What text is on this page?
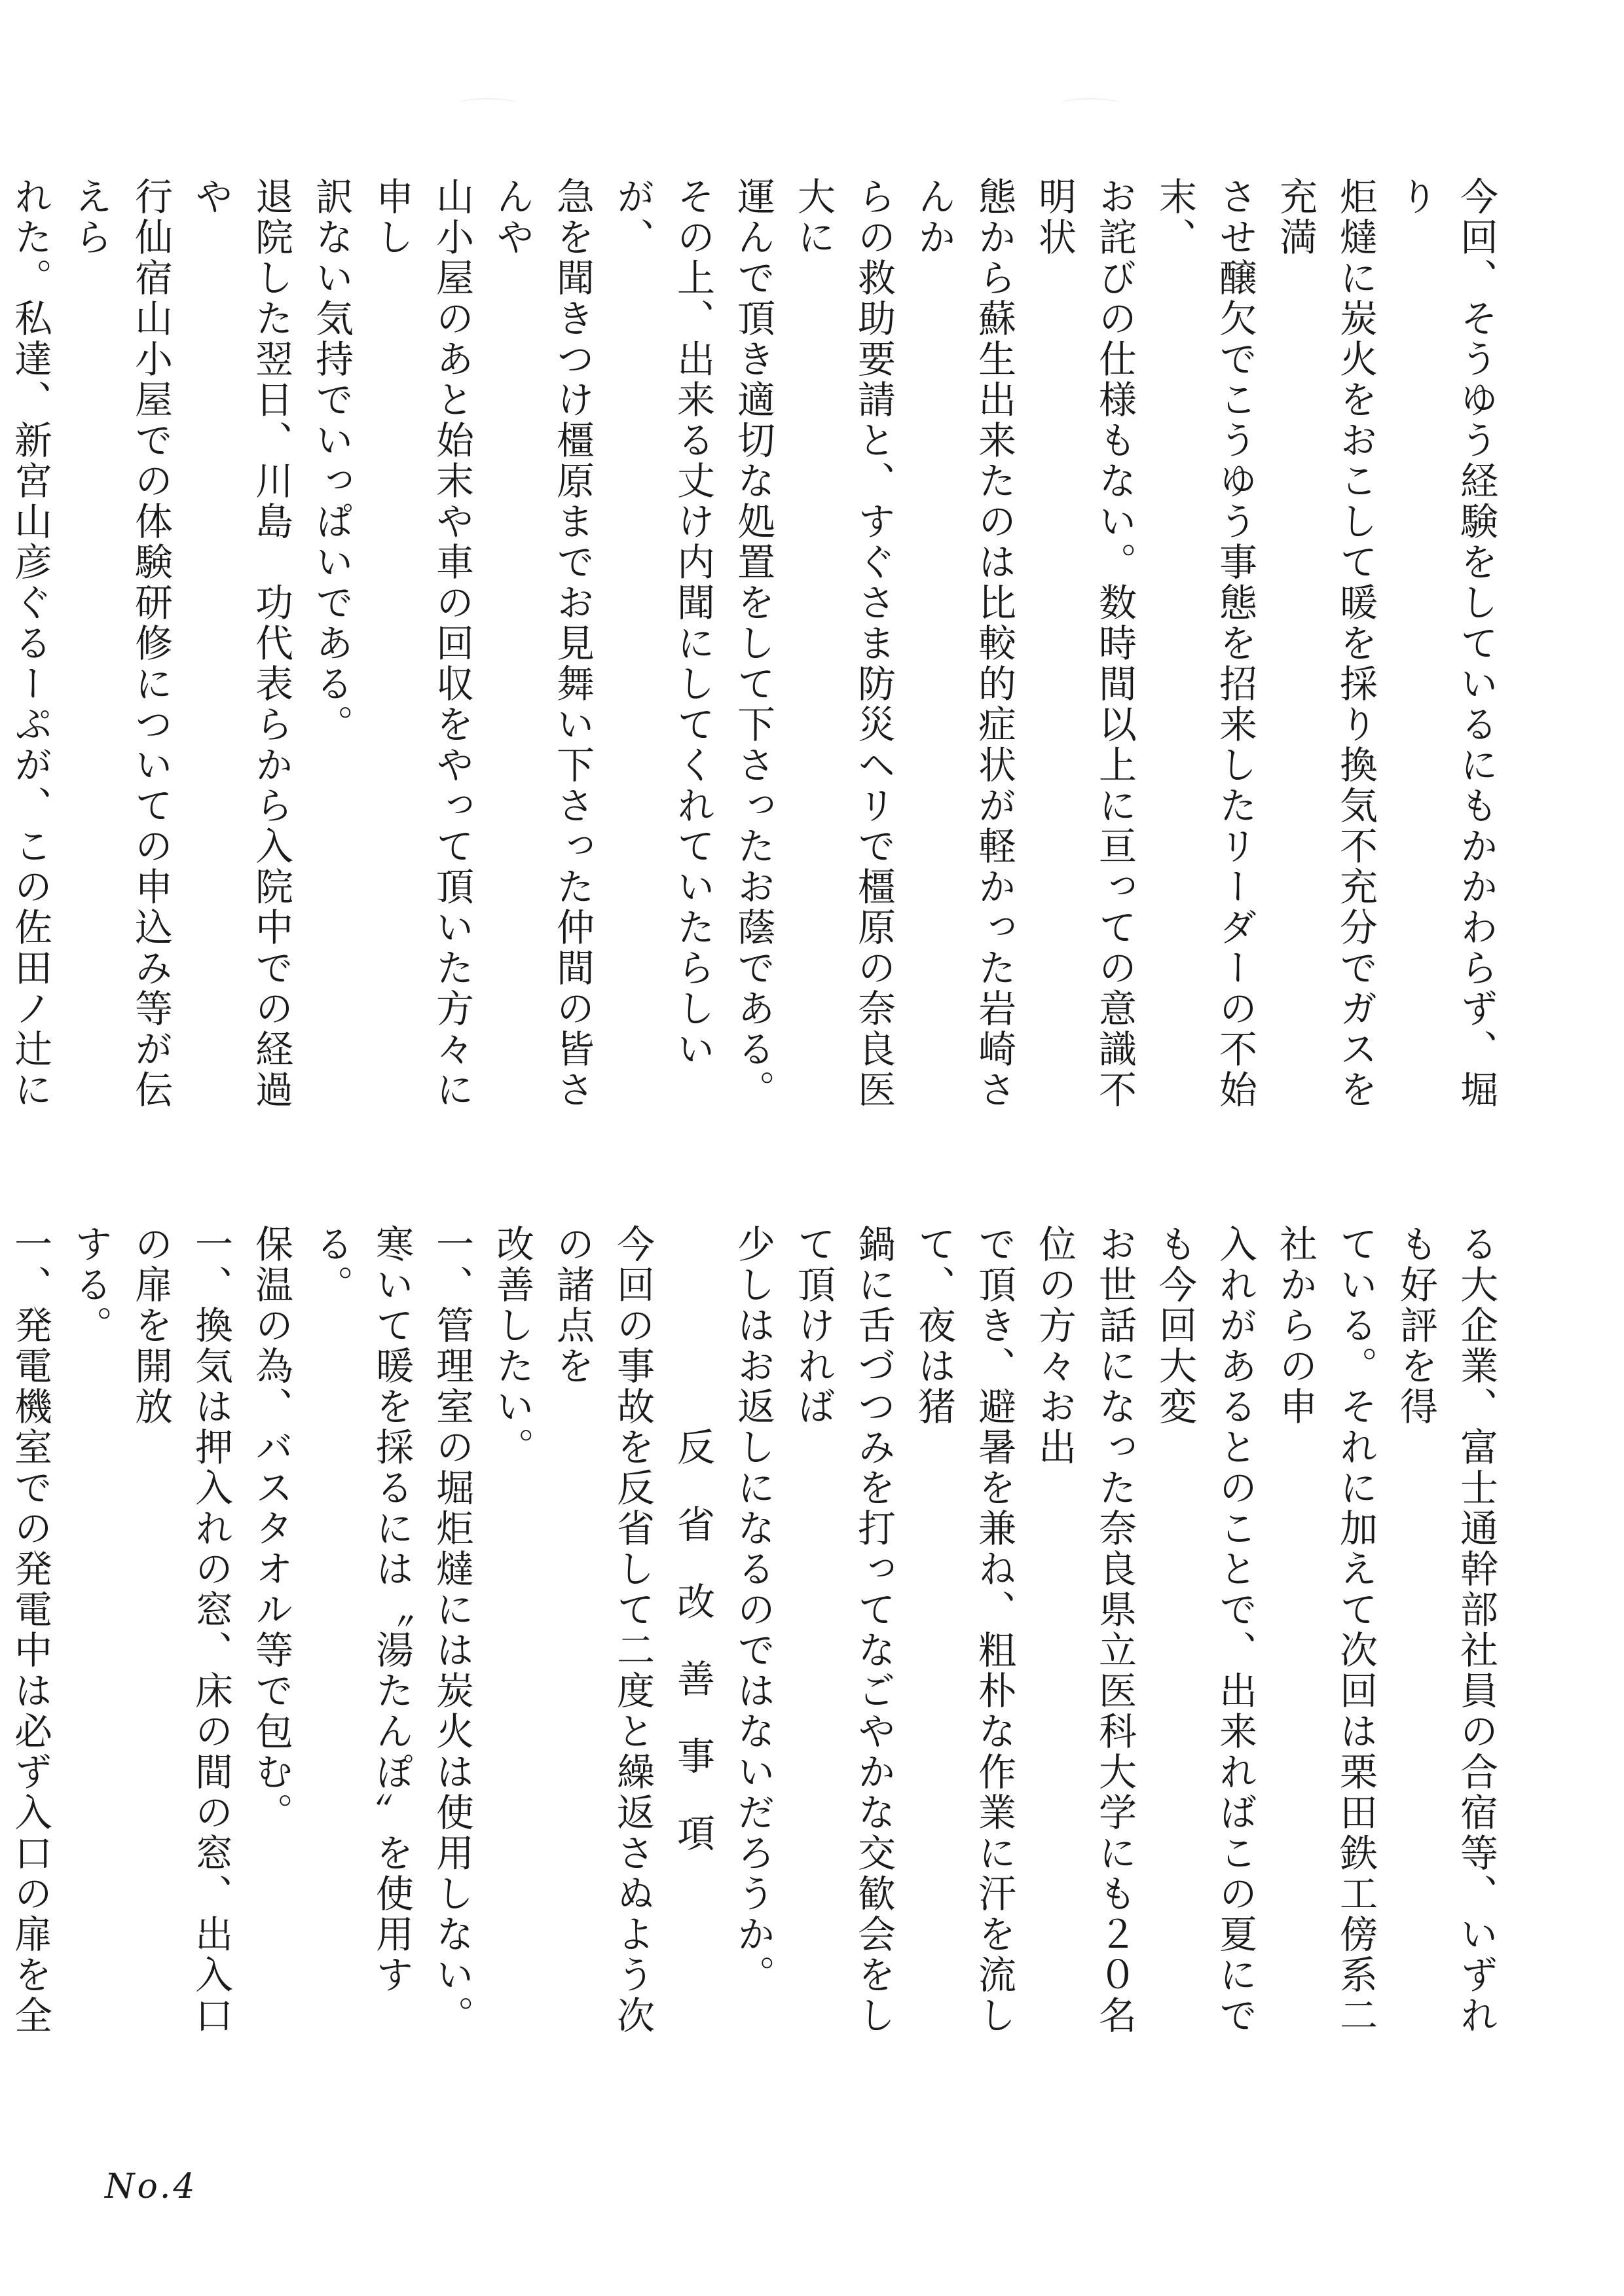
今回、そうゆう経験をしているにもかかわらず、堀り
炬燵に炭火をおこして暖を採り換気不充分でガスを充満
させ醸欠でこうゆう事態を招来したリーダーの不始末、
お詫びの仕様もない。数時間以上に亘っての意識不明状
態から蘇生出来たのは比較的症状が軽かった岩崎さんか
らの救助要請と、すぐさま防災ヘリで橿原の奈良医大に
運んで頂き適切な処置をして下さったお蔭である。
その上、出来る丈け内聞にしてくれていたらしいが、
急を聞きつけ橿原までお見舞い下さった仲間の皆さんや
山小屋のあと始末や車の回収をやって頂いた方々に申し
訳ない気持でいっぱいである。
退院した翌日、川島　功代表らから入院中での経過や
行仙宿山小屋での体験研修についての申込み等が伝えら
れた。私達、新宮山彦ぐるーぷが、この佐田ノ辻に
る大企業、富士通幹部社員の合宿等、いずれも好評を得
ている。それに加えて次回は栗田鉄工傍系二社からの申
入れがあるとのことで、出来ればこの夏にでも今回大変
お世話になった奈良県立医科大学にも２０名位の方々お出
で頂き、避暑を兼ね、粗朴な作業に汗を流して、夜は猪
鍋に舌づつみを打ってなごやかな交歓会をして頂ければ
少しはお返しになるのではないだろうか。
反省改善事項
今回の事故を反省して二度と繰返さぬよう次の諸点を
改善したい。
一、管理室の堀炬燵には炭火は使用しない。
寒いて暖を採るには〝湯たんぽ〟を使用する。
保温の為、バスタオル等で包む。
一、換気は押入れの窓、床の間の窓、出入口の扉を開放
する。
一、発電機室での発電中は必ず入口の扉を全
No.4
